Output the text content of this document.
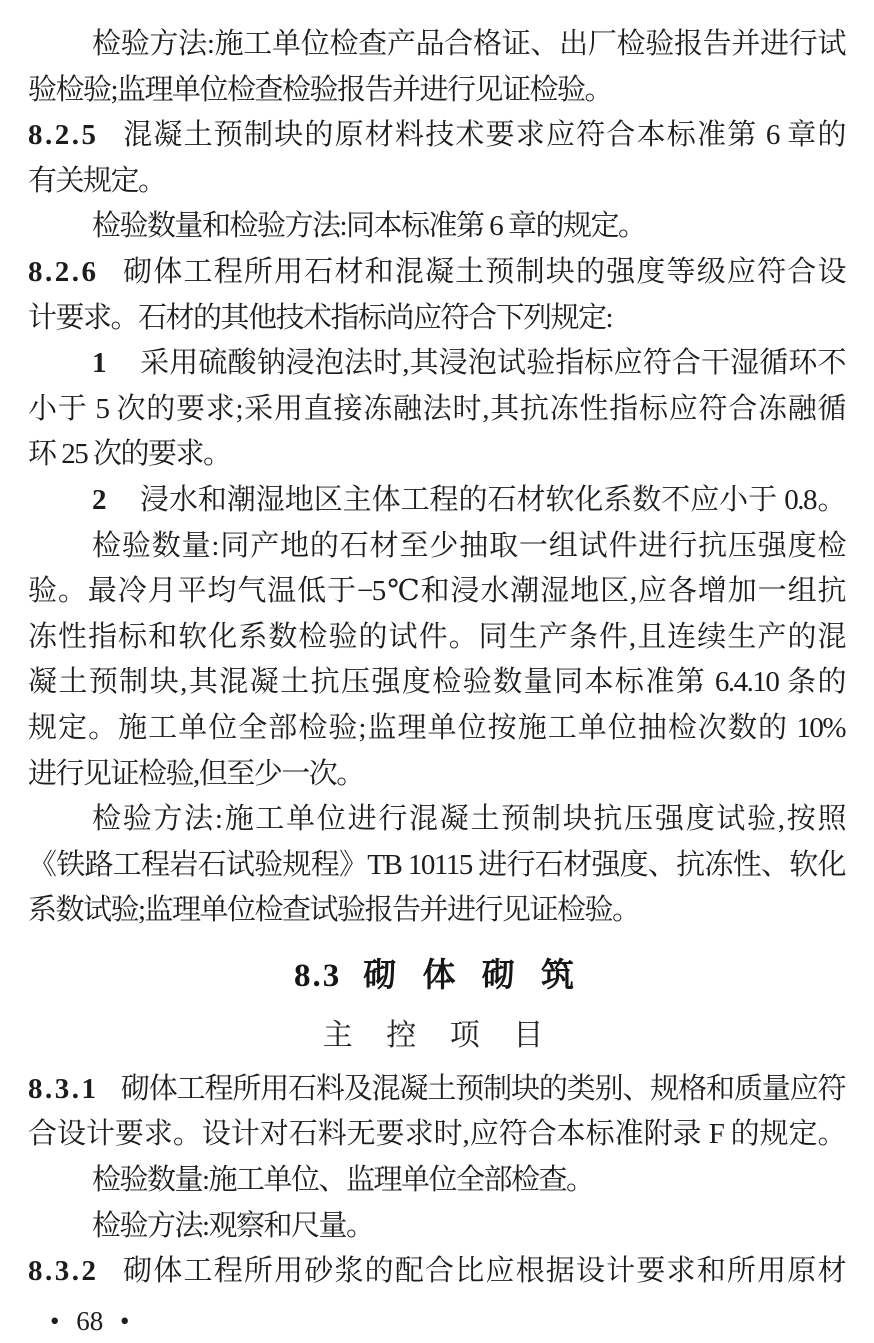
检验方法:施工单位检查产品合格证、出厂检验报告并进行试
验检验;监理单位检查检验报告并进行见证检验。
8.2.5 混凝土预制块的原材料技术要求应符合本标准第 6 章的
有关规定。
检验数量和检验方法:同本标准第 6 章的规定。
8.2.6 砌体工程所用石材和混凝土预制块的强度等级应符合设
计要求。石材的其他技术指标尚应符合下列规定:
1 采用硫酸钠浸泡法时,其浸泡试验指标应符合干湿循环不
小于 5 次的要求;采用直接冻融法时,其抗冻性指标应符合冻融循
环 25 次的要求。
2 浸水和潮湿地区主体工程的石材软化系数不应小于 0.8。
检验数量:同产地的石材至少抽取一组试件进行抗压强度检
验。最冷月平均气温低于−5℃和浸水潮湿地区,应各增加一组抗
冻性指标和软化系数检验的试件。同生产条件,且连续生产的混
凝土预制块,其混凝土抗压强度检验数量同本标准第 6.4.10 条的
规定。施工单位全部检验;监理单位按施工单位抽检次数的 10%
进行见证检验,但至少一次。
检验方法:施工单位进行混凝土预制块抗压强度试验,按照
《铁路工程岩石试验规程》TB 10115 进行石材强度、抗冻性、软化
系数试验;监理单位检查试验报告并进行见证检验。
8.3 砌 体 砌 筑
主 控 项 目
8.3.1 砌体工程所用石料及混凝土预制块的类别、规格和质量应符
合设计要求。设计对石料无要求时,应符合本标准附录 F 的规定。
检验数量:施工单位、监理单位全部检查。
检验方法:观察和尺量。
8.3.2 砌体工程所用砂浆的配合比应根据设计要求和所用原材
• 68 •
